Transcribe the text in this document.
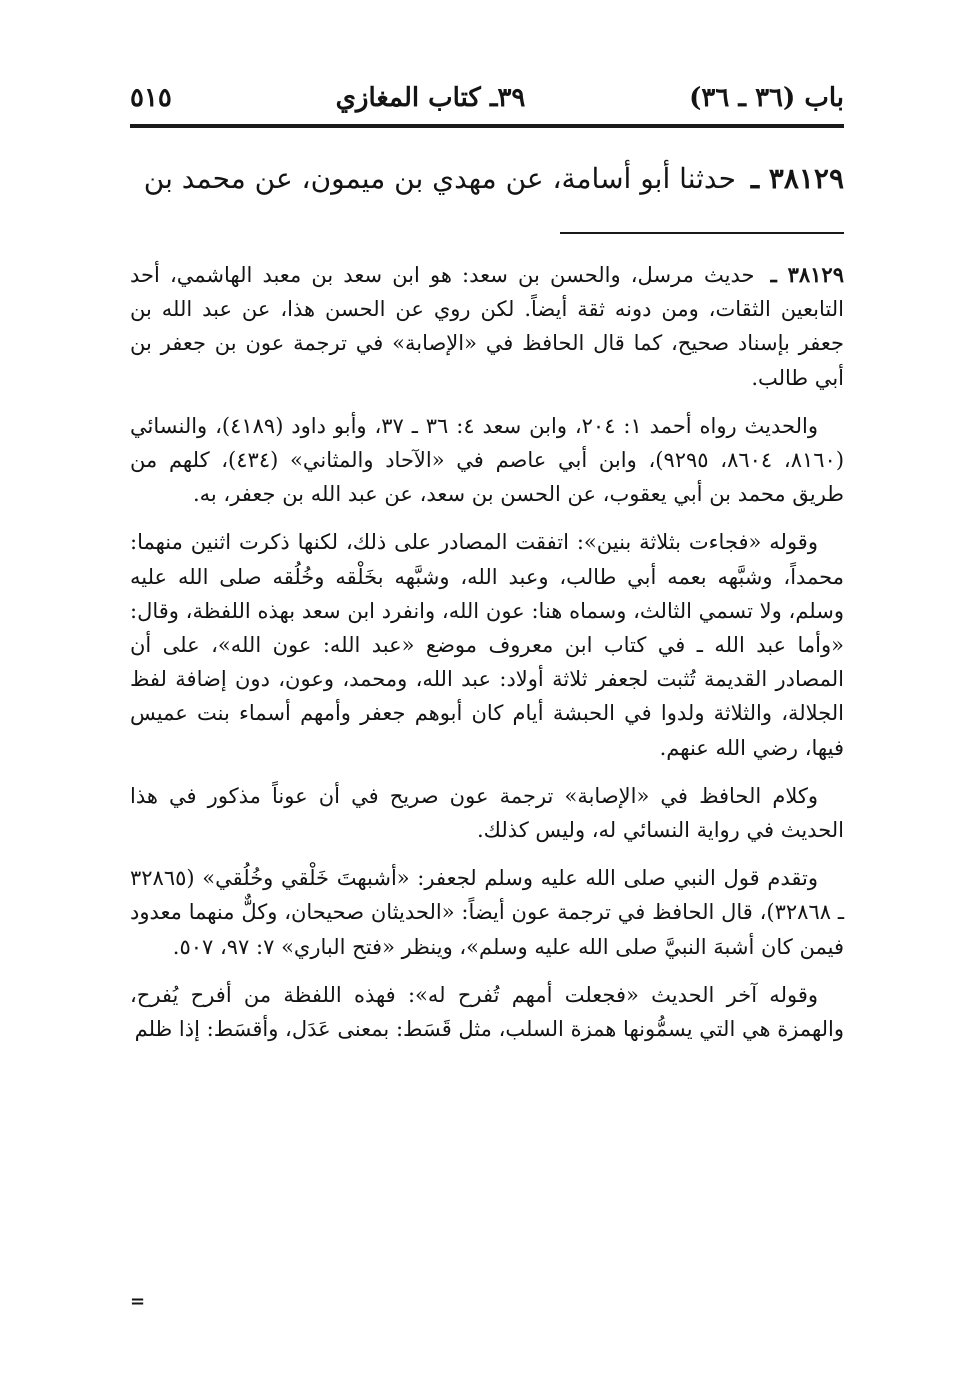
باب (٣٦ ـ ٣٦)
٣٩ـ كتاب المغازي
٥١٥
٣٨١٢٩ ـ حدثنا أبو أسامة، عن مهدي بن ميمون، عن محمد بن

٣٨١٢٩ ـ حديث مرسل، والحسن بن سعد: هو ابن سعد بن معبد الهاشمي، أحد التابعين الثقات، ومن دونه ثقة أيضاً. لكن روي عن الحسن هذا، عن عبد الله بن جعفر بإسناد صحيح، كما قال الحافظ في «الإصابة» في ترجمة عون بن جعفر بن أبي طالب.

والحديث رواه أحمد ١: ٢٠٤، وابن سعد ٤: ٣٦ ـ ٣٧، وأبو داود (٤١٨٩)، والنسائي (٨١٦٠، ٨٦٠٤، ٩٢٩٥)، وابن أبي عاصم في «الآحاد والمثاني» (٤٣٤)، كلهم من طريق محمد بن أبي يعقوب، عن الحسن بن سعد، عن عبد الله بن جعفر، به.

وقوله «فجاءت بثلاثة بنين»: اتفقت المصادر على ذلك، لكنها ذكرت اثنين منهما: محمداً، وشبَّهه بعمه أبي طالب، وعبد الله، وشبَّهه بخَلْقه وخُلُقه صلى الله عليه وسلم، ولا تسمي الثالث، وسماه هنا: عون الله، وانفرد ابن سعد بهذه اللفظة، وقال: «وأما عبد الله ـ في كتاب ابن معروف موضع «عبد الله: عون الله»، على أن المصادر القديمة تُثبت لجعفر ثلاثة أولاد: عبد الله، ومحمد، وعون، دون إضافة لفظ الجلالة، والثلاثة ولدوا في الحبشة أيام كان أبوهم جعفر وأمهم أسماء بنت عميس فيها، رضي الله عنهم.

وكلام الحافظ في «الإصابة» ترجمة عون صريح في أن عوناً مذكور في هذا الحديث في رواية النسائي له، وليس كذلك.

وتقدم قول النبي صلى الله عليه وسلم لجعفر: «أشبهتَ خَلْقي وخُلُقي» (٣٢٨٦٥ ـ ٣٢٨٦٨)، قال الحافظ في ترجمة عون أيضاً: «الحديثان صحيحان، وكلٌّ منهما معدود فيمن كان أشبهَ النبيَّ صلى الله عليه وسلم»، وينظر «فتح الباري» ٧: ٩٧، ٥٠٧.

وقوله آخر الحديث «فجعلت أمهم تُفرح له»: فهذه اللفظة من أفرح يُفرح، والهمزة هي التي يسمُّونها همزة السلب، مثل قَسَط: بمعنى عَدَل، وأقسَط: إذا ظلم

=
